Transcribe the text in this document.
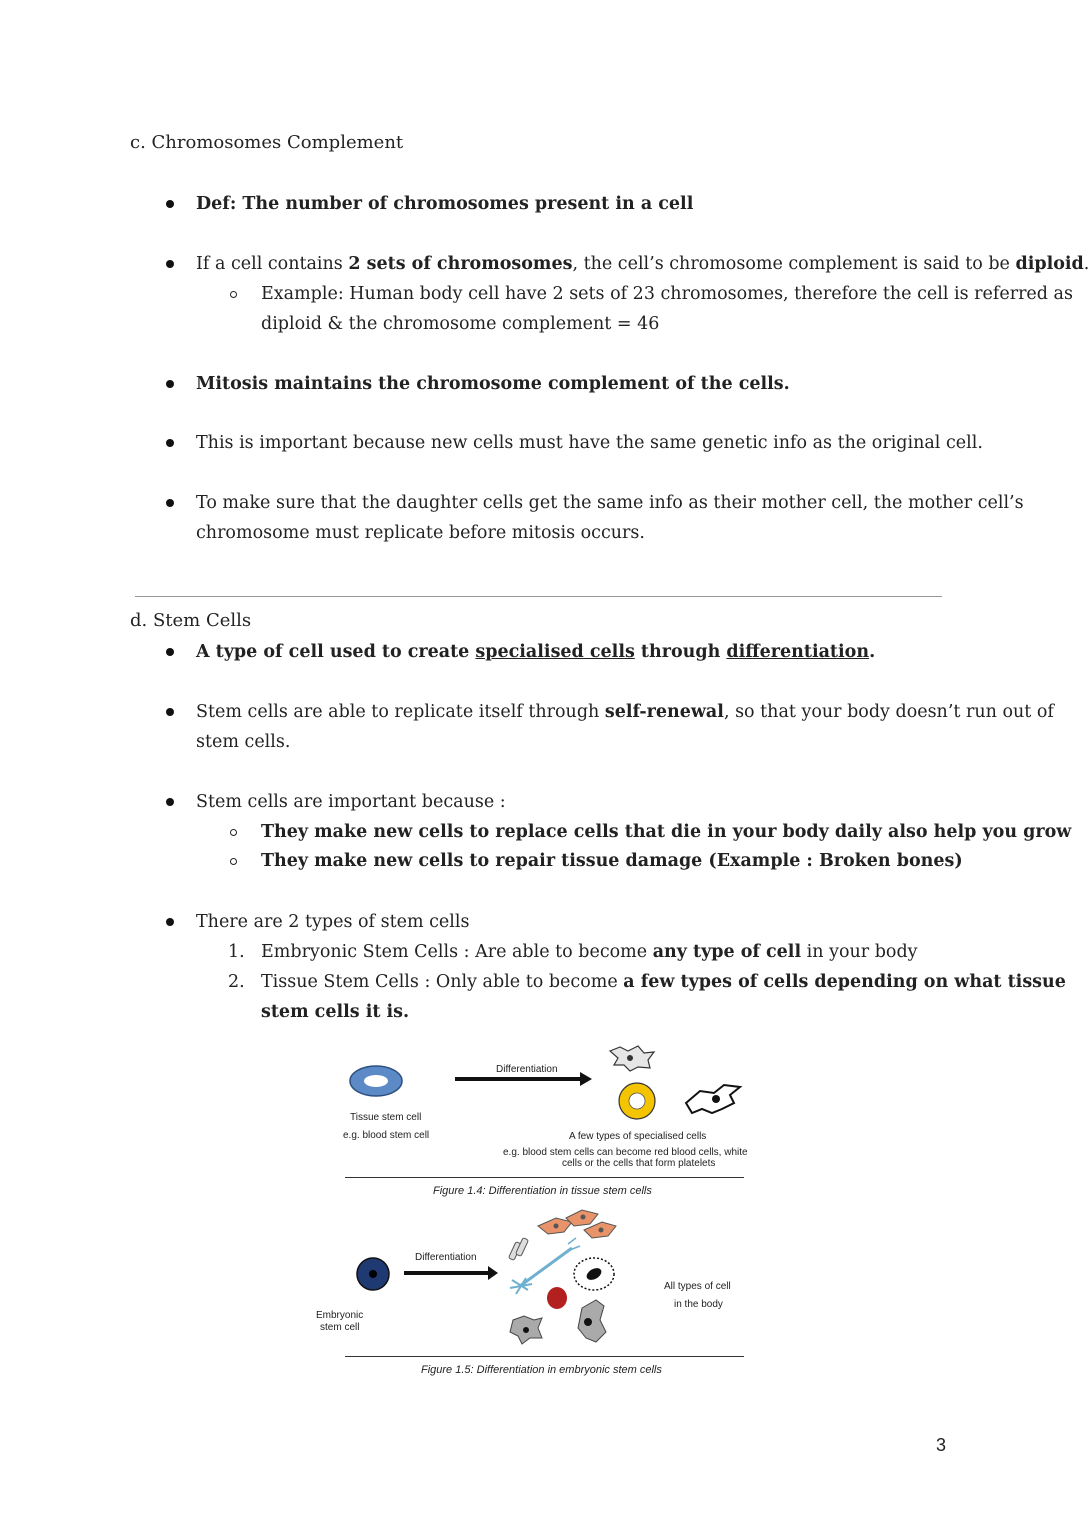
c. Chromosomes Complement
Def: The number of chromosomes present in a cell
If a cell contains 2 sets of chromosomes, the cell’s chromosome complement is said to be diploid.
Example: Human body cell have 2 sets of 23 chromosomes, therefore the cell is referred as
diploid & the chromosome complement = 46
Mitosis maintains the chromosome complement of the cells.
This is important because new cells must have the same genetic info as the original cell.
To make sure that the daughter cells get the same info as their mother cell, the mother cell’s
chromosome must replicate before mitosis occurs.
d. Stem Cells
A type of cell used to create specialised cells through differentiation.
Stem cells are able to replicate itself through self-renewal, so that your body doesn’t run out of
stem cells.
Stem cells are important because :
They make new cells to replace cells that die in your body daily also help you grow
They make new cells to repair tissue damage (Example : Broken bones)
There are 2 types of stem cells
1. Embryonic Stem Cells : Are able to become any type of cell in your body
2. Tissue Stem Cells : Only able to become a few types of cells depending on what tissue
stem cells it is.
Differentiation
Tissue stem cell
e.g. blood stem cell	A few types of specialised cells
e.g. blood stem cells can become red blood cells, white
cells or the cells that form platelets
Figure 1.4: Differentiation in tissue stem cells
Differentiation
Embryonic
stem cell
All types of cell
in the body
Figure 1.5: Differentiation in embryonic stem cells
3
